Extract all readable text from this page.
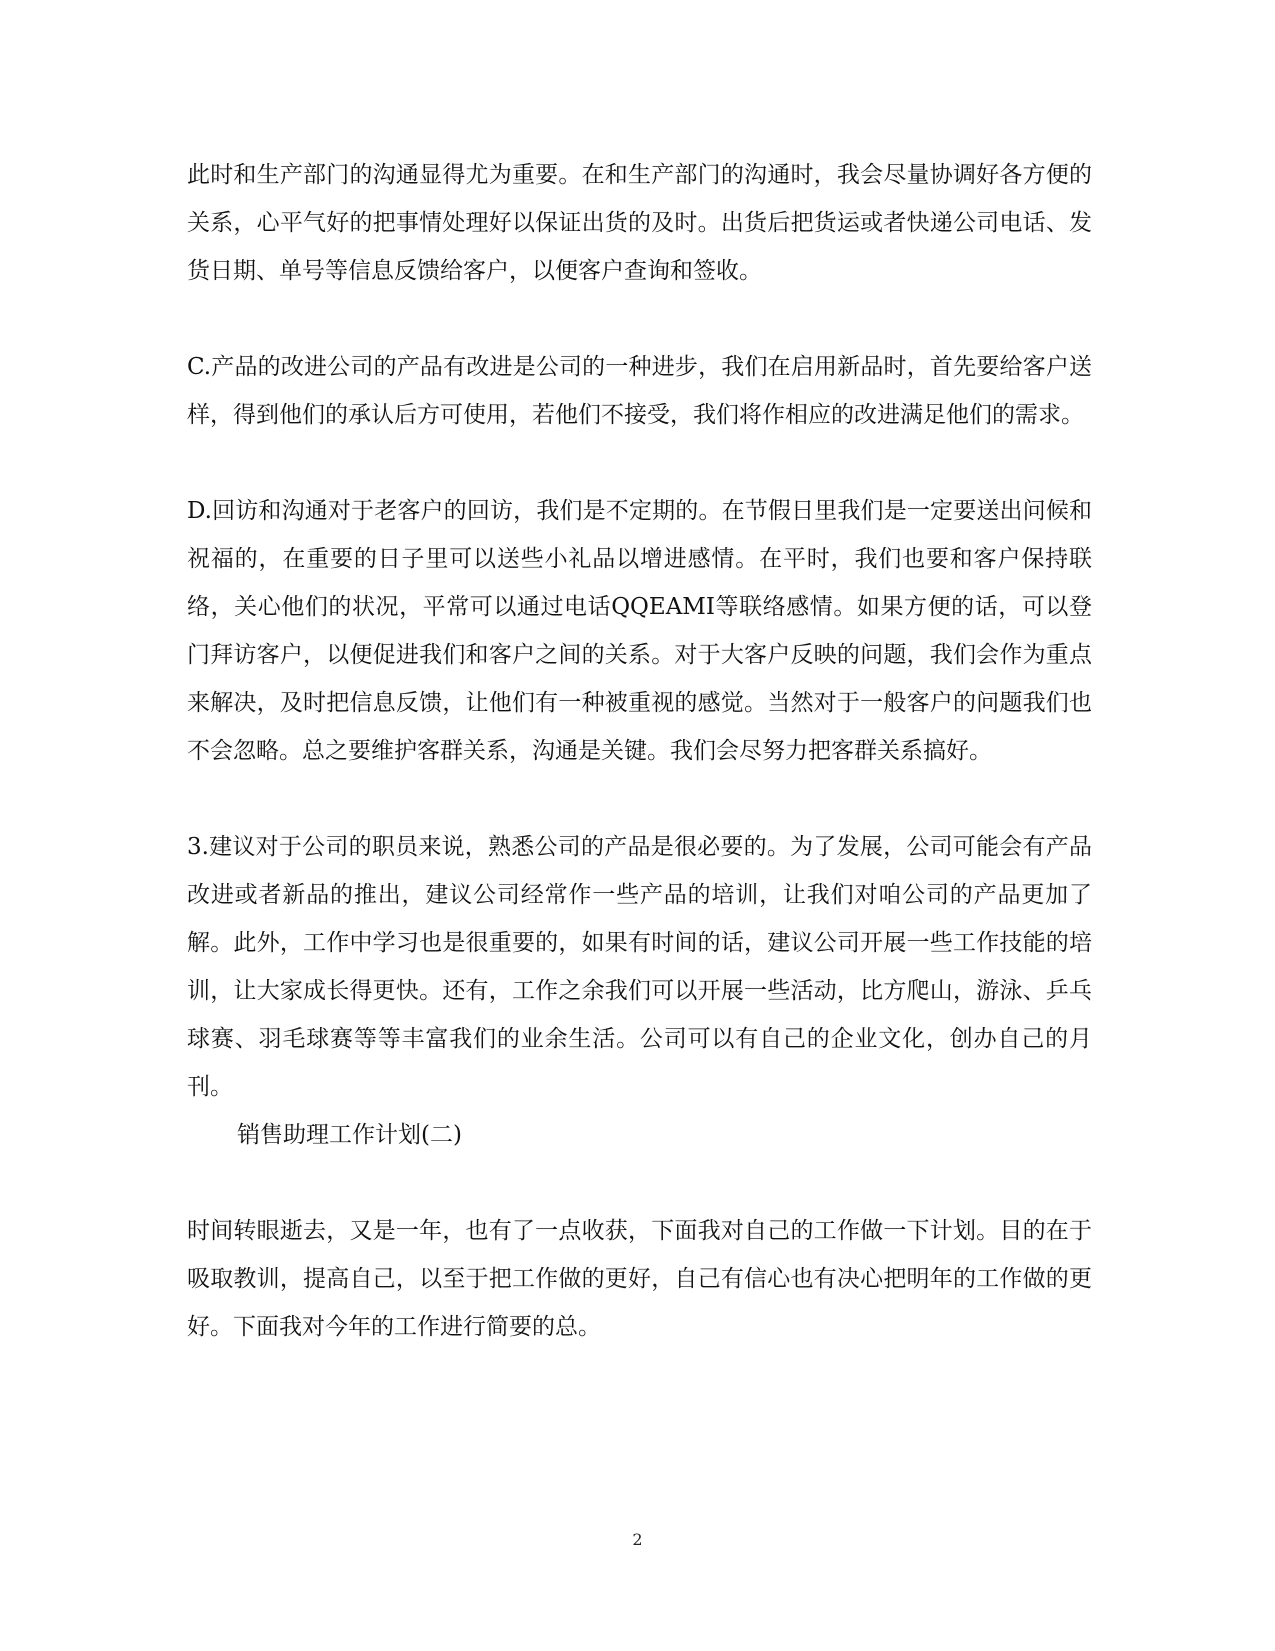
此时和生产部门的沟通显得尤为重要。在和生产部门的沟通时，我会尽量协调好各方便的关系，心平气好的把事情处理好以保证出货的及时。出货后把货运或者快递公司电话、发货日期、单号等信息反馈给客户，以便客户查询和签收。

C.产品的改进公司的产品有改进是公司的一种进步，我们在启用新品时，首先要给客户送样，得到他们的承认后方可使用，若他们不接受，我们将作相应的改进满足他们的需求。

D.回访和沟通对于老客户的回访，我们是不定期的。在节假日里我们是一定要送出问候和祝福的，在重要的日子里可以送些小礼品以增进感情。在平时，我们也要和客户保持联络，关心他们的状况，平常可以通过电话QQEAMI等联络感情。如果方便的话，可以登门拜访客户，以便促进我们和客户之间的关系。对于大客户反映的问题，我们会作为重点来解决，及时把信息反馈，让他们有一种被重视的感觉。当然对于一般客户的问题我们也不会忽略。总之要维护客群关系，沟通是关键。我们会尽努力把客群关系搞好。

3.建议对于公司的职员来说，熟悉公司的产品是很必要的。为了发展，公司可能会有产品改进或者新品的推出，建议公司经常作一些产品的培训，让我们对咱公司的产品更加了解。此外，工作中学习也是很重要的，如果有时间的话，建议公司开展一些工作技能的培训，让大家成长得更快。还有，工作之余我们可以开展一些活动，比方爬山，游泳、乒乓球赛、羽毛球赛等等丰富我们的业余生活。公司可以有自己的企业文化，创办自己的月刊。

销售助理工作计划(二)

时间转眼逝去，又是一年，也有了一点收获，下面我对自己的工作做一下计划。目的在于吸取教训，提高自己，以至于把工作做的更好，自己有信心也有决心把明年的工作做的更好。下面我对今年的工作进行简要的总。

2
